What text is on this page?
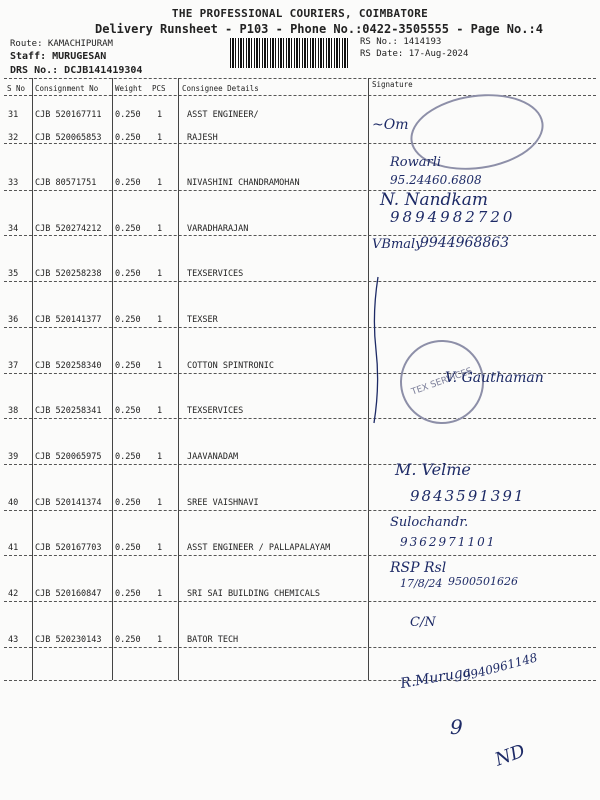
THE PROFESSIONAL COURIERS, COIMBATORE
Delivery Runsheet - P103 - Phone No.:0422-3505555 - Page No.:4
Route: KAMACHIPURAM
Staff: MURUGESAN
DRS No.: DCJB141419304
RS No.: 1414193
RS Date: 17-Aug-2024
S No Consignment No Weight PCS Consignee Details	Signature
31 CJB 520167711 0.250 1	ASST ENGINEER/
32 CJB 520065853 0.250 1	RAJESH
33 CJB 80571751 0.250 1	NIVASHINI CHANDRAMOHAN
34 CJB 520274212 0.250 1	VARADHARAJAN
35 CJB 520258238 0.250 1	TEXSERVICES
36 CJB 520141377 0.250 1	TEXSER
37 CJB 520258340 0.250 1	COTTON SPINTRONIC
38 CJB 520258341 0.250 1	TEXSERVICES
39 CJB 520065975 0.250 1	JAAVANADAM
40 CJB 520141374 0.250 1	SREE VAISHNAVI
41 CJB 520167703 0.250 1	ASST ENGINEER / PALLAPALAYAM
42 CJB 520160847 0.250 1	SRI SAI BUILDING CHEMICALS
43 CJB 520230143 0.250 1	BATOR TECH
~Om
Rowarli
95.24460.6808
N. Nandkam
9894982720
VBmaly
9944968863
TEX SERVICES
V. Gauthaman
M. Velme
9843591391
Sulochandr.
9362971101
RSP Rsl
17/8/24 9500501626
C/N
R.Muruga
9940961148
9
ND
